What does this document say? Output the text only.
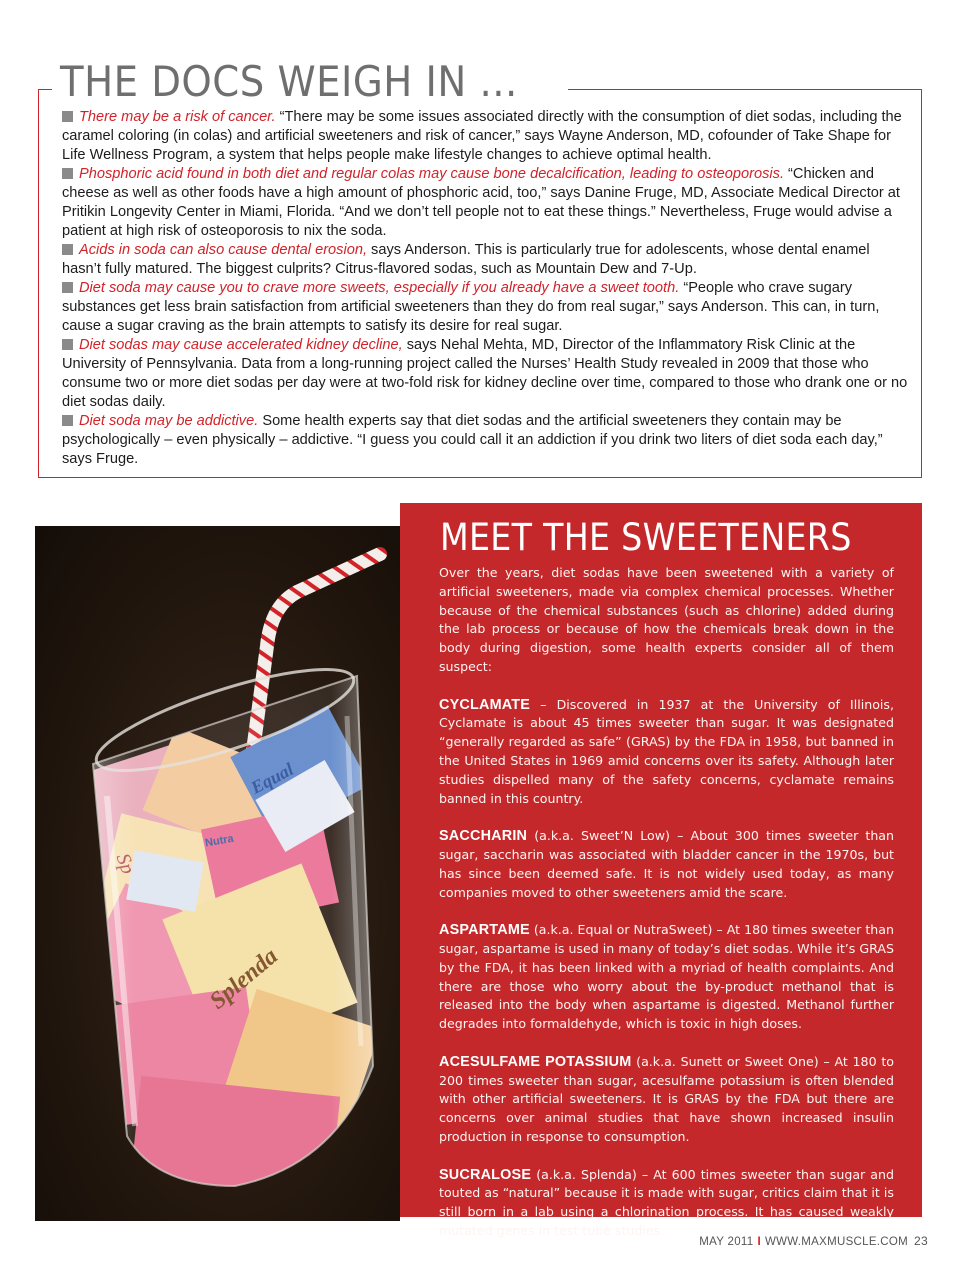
THE DOCS WEIGH IN ...

There may be a risk of cancer. “There may be some issues associated directly with the consumption of diet sodas, including the caramel coloring (in colas) and artificial sweeteners and risk of cancer,” says Wayne Anderson, MD, cofounder of Take Shape for Life Wellness Program, a system that helps people make lifestyle changes to achieve optimal health.

Phosphoric acid found in both diet and regular colas may cause bone decalcification, leading to osteoporosis. “Chicken and cheese as well as other foods have a high amount of phosphoric acid, too,” says Danine Fruge, MD, Associate Medical Director at Pritikin Longevity Center in Miami, Florida. “And we don’t tell people not to eat these things.” Nevertheless, Fruge would advise a patient at high risk of osteoporosis to nix the soda.

Acids in soda can also cause dental erosion, says Anderson. This is particularly true for adolescents, whose dental enamel hasn’t fully matured. The biggest culprits? Citrus-flavored sodas, such as Mountain Dew and 7-Up.

Diet soda may cause you to crave more sweets, especially if you already have a sweet tooth. “People who crave sugary substances get less brain satisfaction from artificial sweeteners than they do from real sugar,” says Anderson. This can, in turn, cause a sugar craving as the brain attempts to satisfy its desire for real sugar.

Diet sodas may cause accelerated kidney decline, says Nehal Mehta, MD, Director of the Inflammatory Risk Clinic at the University of Pennsylvania. Data from a long-running project called the Nurses’ Health Study revealed in 2009 that those who consume two or more diet sodas per day were at two-fold risk for kidney decline over time, compared to those who drank one or no diet sodas daily.

Diet soda may be addictive. Some health experts say that diet sodas and the artificial sweeteners they contain may be psychologically – even physically – addictive. “I guess you could call it an addiction if you drink two liters of diet soda each day,” says Fruge.

MEET THE SWEETENERS

Over the years, diet sodas have been sweetened with a variety of artificial sweeteners, made via complex chemical processes. Whether because of the chemical substances (such as chlorine) added during the lab process or because of how the chemicals break down in the body during digestion, some health experts consider all of them suspect:

CYCLAMATE – Discovered in 1937 at the University of Illinois, Cyclamate is about 45 times sweeter than sugar. It was designated “generally regarded as safe” (GRAS) by the FDA in 1958, but banned in the United States in 1969 amid concerns over its safety. Although later studies dispelled many of the safety concerns, cyclamate remains banned in this country.

SACCHARIN (a.k.a. Sweet’N Low) – About 300 times sweeter than sugar, saccharin was associated with bladder cancer in the 1970s, but has since been deemed safe. It is not widely used today, as many companies moved to other sweeteners amid the scare.

ASPARTAME (a.k.a. Equal or NutraSweet) – At 180 times sweeter than sugar, aspartame is used in many of today’s diet sodas. While it’s GRAS by the FDA, it has been linked with a myriad of health complaints. And there are those who worry about the by-product methanol that is released into the body when aspartame is digested. Methanol further degrades into formaldehyde, which is toxic in high doses.

ACESULFAME POTASSIUM (a.k.a. Sunett or Sweet One) – At 180 to 200 times sweeter than sugar, acesulfame potassium is often blended with other artificial sweeteners. It is GRAS by the FDA but there are concerns over animal studies that have shown increased insulin production in response to consumption.

SUCRALOSE (a.k.a. Splenda) – At 600 times sweeter than sugar and touted as “natural” because it is made with sugar, critics claim that it is still born in a lab using a chlorination process. It has caused weakly mutated genes in test tube studies.

MAY 2011 I WWW.MAXMUSCLE.COM 23
